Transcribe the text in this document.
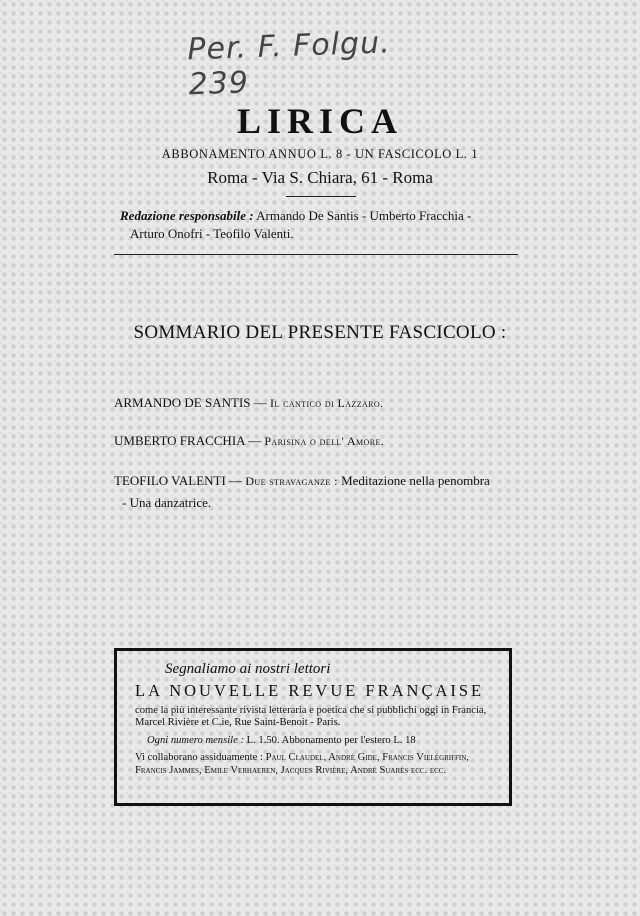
Per. F. Folgu. 239
LIRICA
ABBONAMENTO ANNUO L. 8 - UN FASCICOLO L. 1
Roma - Via S. Chiara, 61 - Roma
Redazione responsabile : Armando De Santis - Umberto Fracchia -
Arturo Onofri - Teofilo Valenti.
SOMMARIO DEL PRESENTE FASCICOLO :
ARMANDO DE SANTIS — Il cantico di Lazzaro.
UMBERTO FRACCHIA — Parisina o dell' Amore.
TEOFILO VALENTI — Due stravaganze : Meditazione nella penombra
- Una danzatrice.
Segnaliamo ai nostri lettori
LA NOUVELLE REVUE FRANÇAISE
come la più interessante rivista letteraria e poetica che si pubblichi oggi in Francia, Marcel Rivière et C.ie, Rue Saint-Benoit - Paris.
Ogni numero mensile : L. 1.50. Abbonamento per l'estero L. 18
Vi collaborano assiduamente : Paul Claudel, André Gide, Francis Vielégriffin, Francis Jammes, Emile Verhaeren, Jacques Rivière, André Suarès ecc. ecc.
